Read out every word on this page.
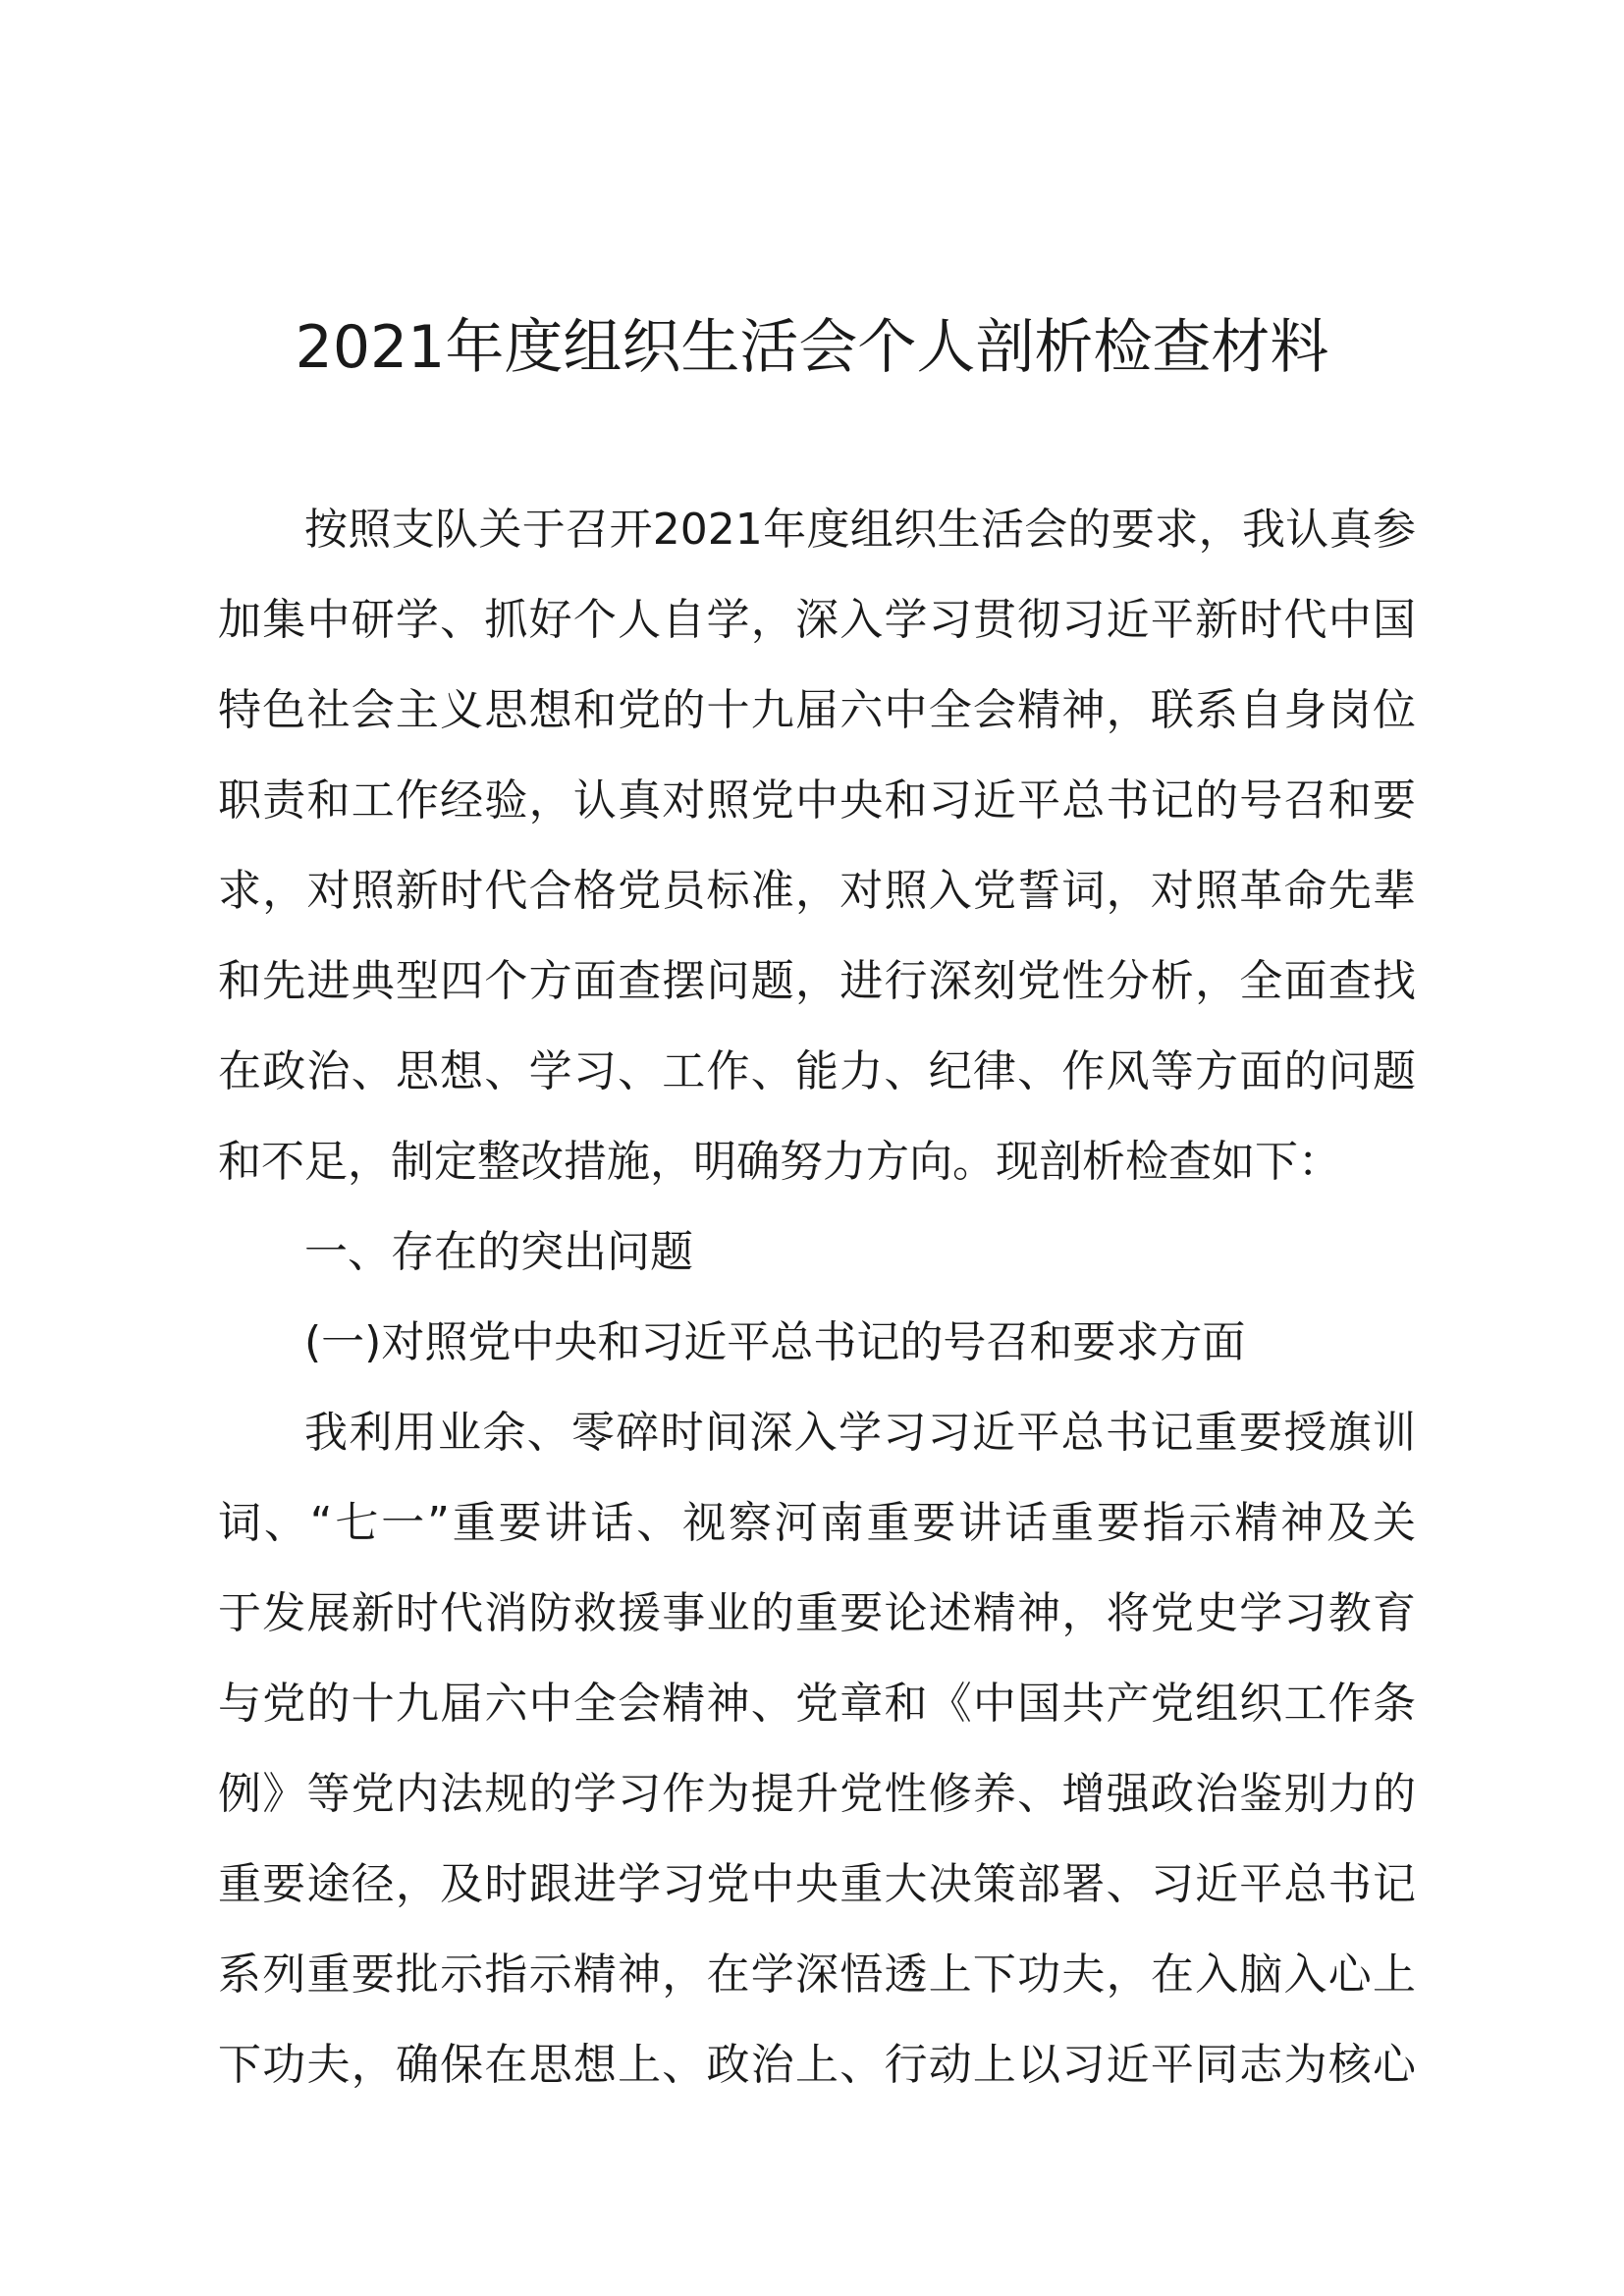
2021年度组织生活会个人剖析检查材料
按照支队关于召开2021年度组织生活会的要求，我认真参
加集中研学、抓好个人自学，深入学习贯彻习近平新时代中国
特色社会主义思想和党的十九届六中全会精神，联系自身岗位
职责和工作经验，认真对照党中央和习近平总书记的号召和要
求，对照新时代合格党员标准，对照入党誓词，对照革命先辈
和先进典型四个方面查摆问题，进行深刻党性分析，全面查找
在政治、思想、学习、工作、能力、纪律、作风等方面的问题
和不足，制定整改措施，明确努力方向。现剖析检查如下：
一、存在的突出问题
(一)对照党中央和习近平总书记的号召和要求方面
我利用业余、零碎时间深入学习习近平总书记重要授旗训
词、“七一”重要讲话、视察河南重要讲话重要指示精神及关
于发展新时代消防救援事业的重要论述精神，将党史学习教育
与党的十九届六中全会精神、党章和《中国共产党组织工作条
例》等党内法规的学习作为提升党性修养、增强政治鉴别力的
重要途径，及时跟进学习党中央重大决策部署、习近平总书记
系列重要批示指示精神，在学深悟透上下功夫，在入脑入心上
下功夫，确保在思想上、政治上、行动上以习近平同志为核心
